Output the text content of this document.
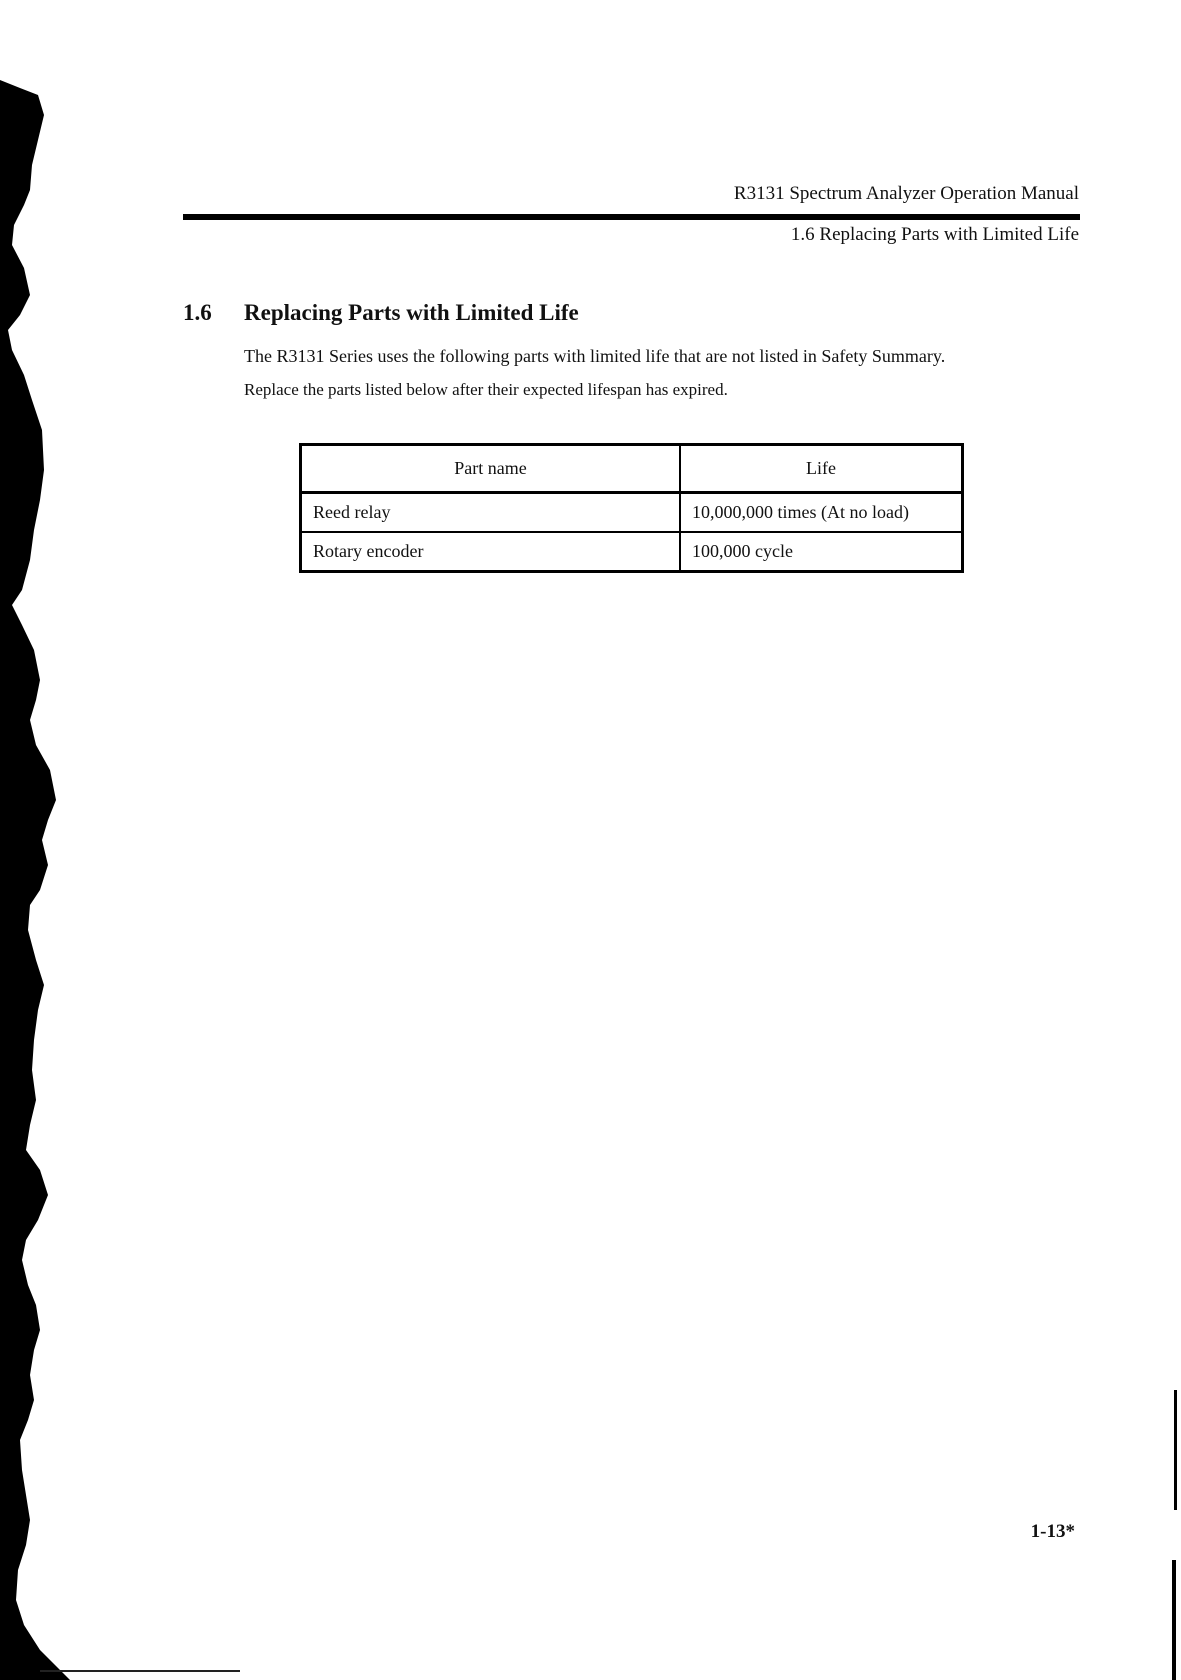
R3131 Spectrum Analyzer Operation Manual
1.6 Replacing Parts with Limited Life
1.6 Replacing Parts with Limited Life
The R3131 Series uses the following parts with limited life that are not listed in Safety Summary.
Replace the parts listed below after their expected lifespan has expired.
Part name	Life
Reed relay	10,000,000 times (At no load)
Rotary encoder	100,000 cycle
1-13*
